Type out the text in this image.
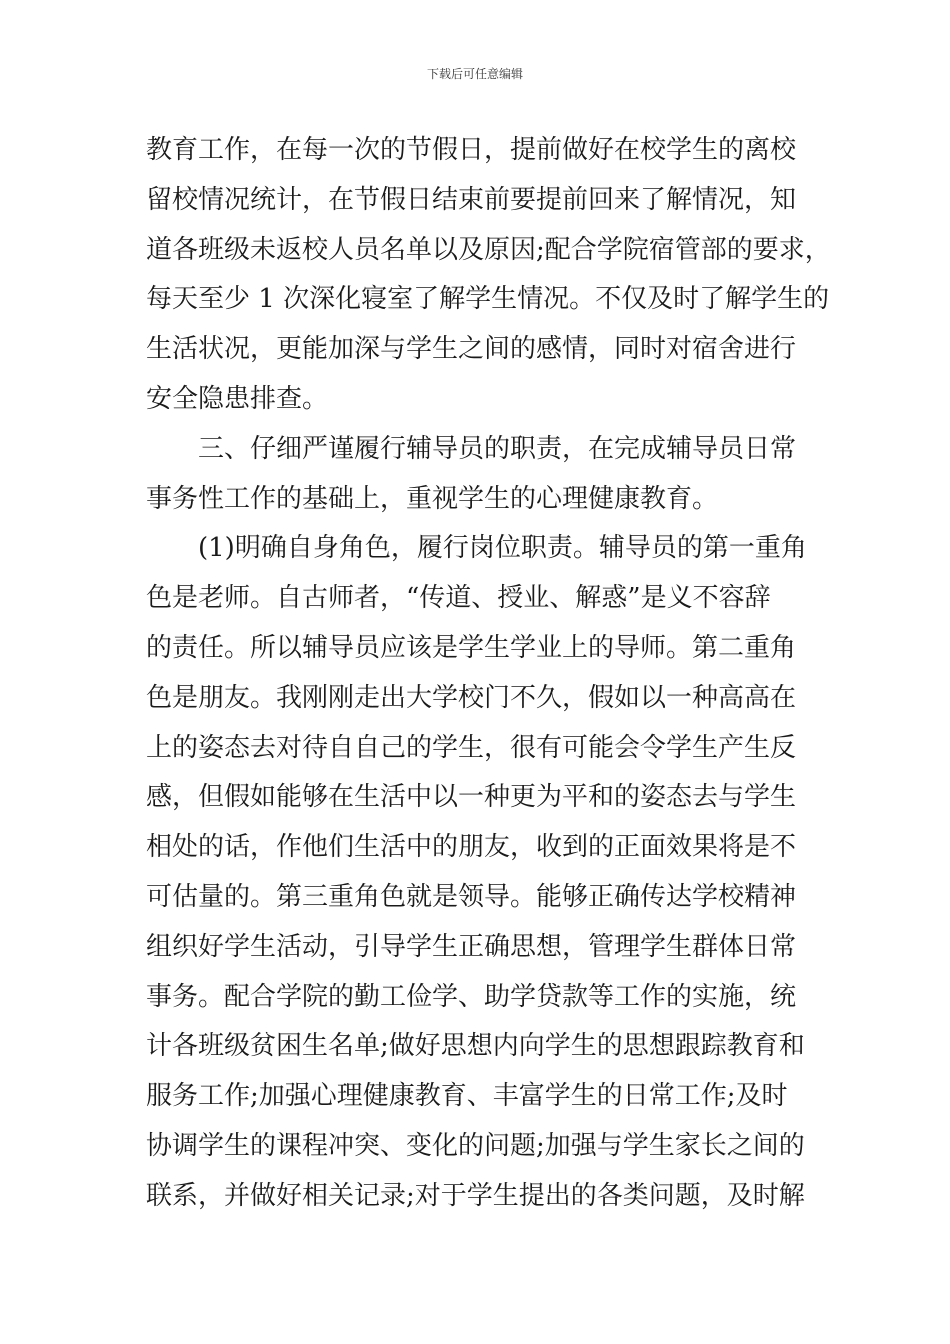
下载后可任意编辑
教育工作，在每一次的节假日，提前做好在校学生的离校
留校情况统计，在节假日结束前要提前回来了解情况，知
道各班级未返校人员名单以及原因;配合学院宿管部的要求，
每天至少 1 次深化寝室了解学生情况。不仅及时了解学生的
生活状况，更能加深与学生之间的感情，同时对宿舍进行
安全隐患排查。
三、仔细严谨履行辅导员的职责，在完成辅导员日常
事务性工作的基础上，重视学生的心理健康教育。
(1)明确自身角色，履行岗位职责。辅导员的第一重角
色是老师。自古师者，“传道、授业、解惑”是义不容辞
的责任。所以辅导员应该是学生学业上的导师。第二重角
色是朋友。我刚刚走出大学校门不久，假如以一种高高在
上的姿态去对待自自己的学生，很有可能会令学生产生反
感，但假如能够在生活中以一种更为平和的姿态去与学生
相处的话，作他们生活中的朋友，收到的正面效果将是不
可估量的。第三重角色就是领导。能够正确传达学校精神
组织好学生活动，引导学生正确思想，管理学生群体日常
事务。配合学院的勤工俭学、助学贷款等工作的实施，统
计各班级贫困生名单;做好思想内向学生的思想跟踪教育和
服务工作;加强心理健康教育、丰富学生的日常工作;及时
协调学生的课程冲突、变化的问题;加强与学生家长之间的
联系，并做好相关记录;对于学生提出的各类问题，及时解
